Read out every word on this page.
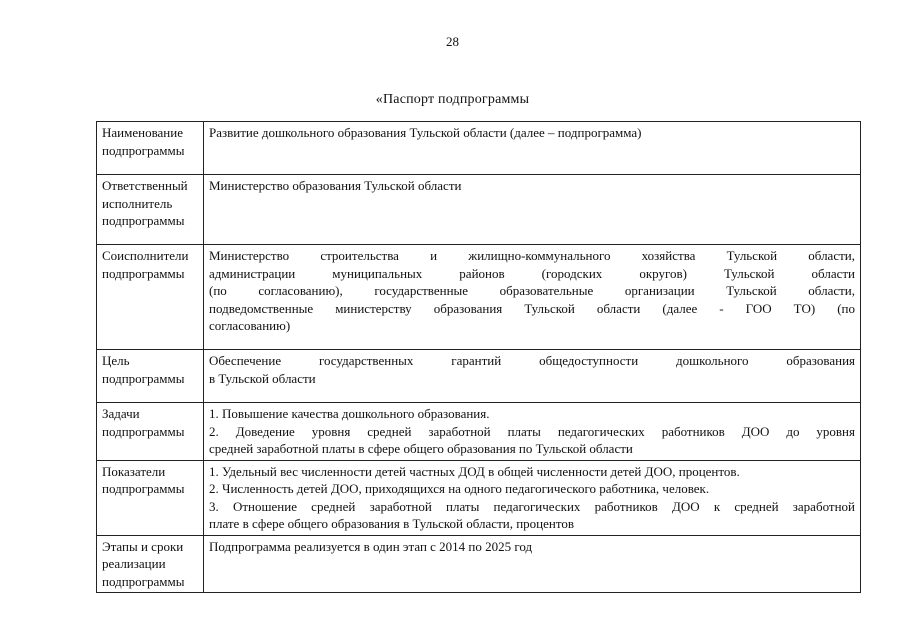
28
«Паспорт подпрограммы
Наименование подпрограммы	Развитие дошкольного образования Тульской области (далее – подпрограмма)

Ответственный исполнитель подпрограммы	Министерство образования Тульской области

Соисполнители подпрограммы	Министерство строительства и жилищно-коммунального хозяйства Тульской области,
администрации муниципальных районов (городских округов) Тульской области
(по согласованию), государственные образовательные организации Тульской области,
подведомственные министерству образования Тульской области (далее - ГОО ТО) (по
согласованию)

Цель подпрограммы	Обеспечение государственных гарантий общедоступности дошкольного образования
в Тульской области

Задачи подпрограммы	1. Повышение качества дошкольного образования.
2. Доведение уровня средней заработной платы педагогических работников ДОО до уровня
средней заработной платы в сфере общего образования по Тульской области

Показатели подпрограммы	1. Удельный вес численности детей частных ДОД в общей численности детей ДОО, процентов.
2. Численность детей ДОО, приходящихся на одного педагогического работника, человек.
3. Отношение средней заработной платы педагогических работников ДОО к средней заработной
плате в сфере общего образования в Тульской области, процентов

Этапы и сроки реализации подпрограммы	Подпрограмма реализуется в один этап с 2014 по 2025 год
